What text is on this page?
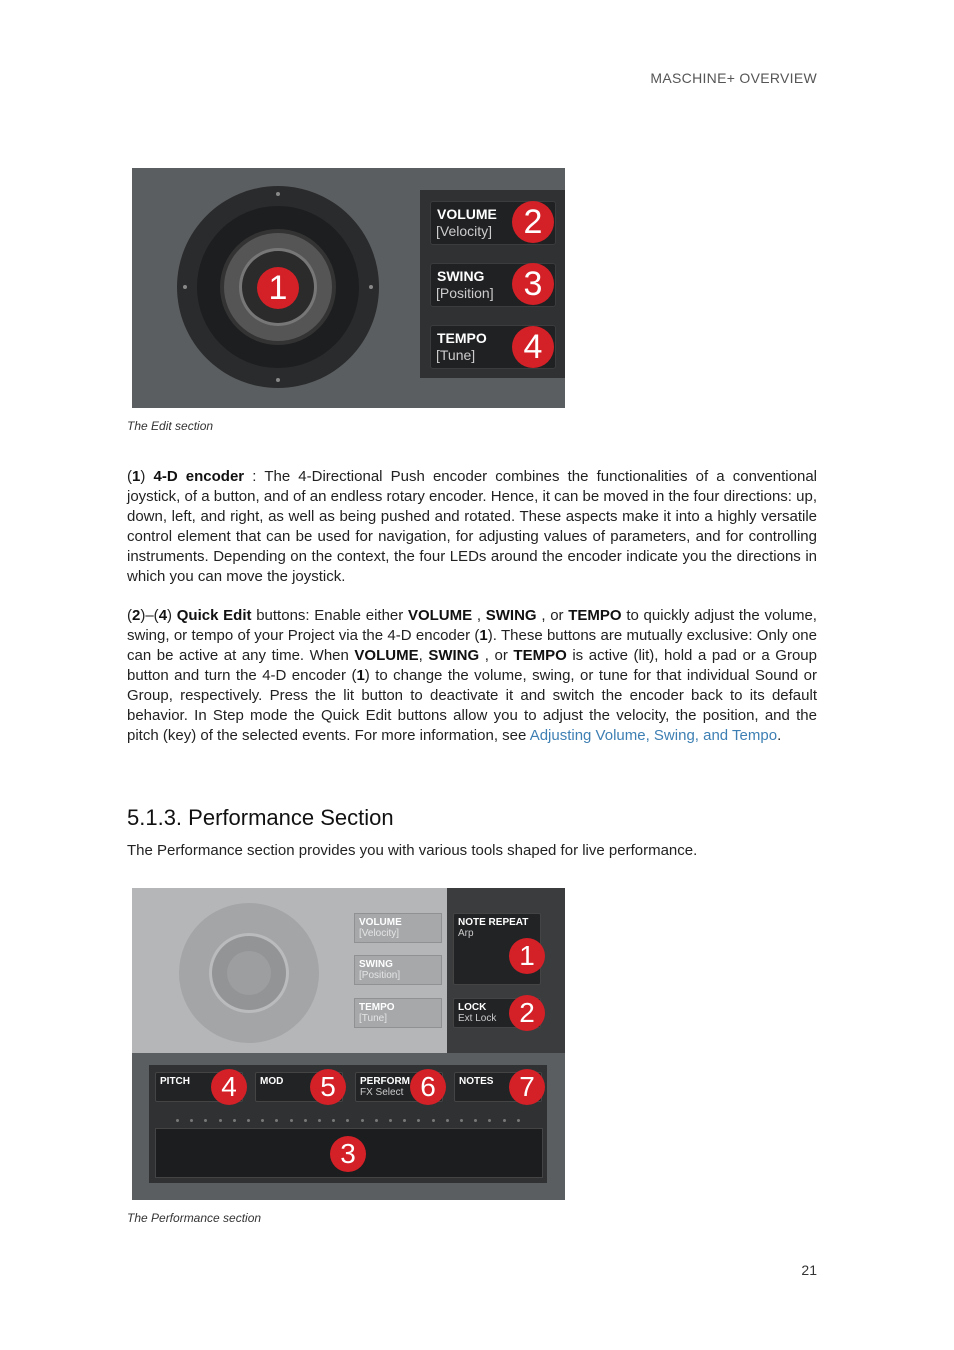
MASCHINE+ OVERVIEW
1
VOLUME
[Velocity]
SWING
[Position]
TEMPO
[Tune]
2
3
4
The Edit section
(1) 4-D encoder : The 4-Directional Push encoder combines the functionalities of a conventional joystick, of a button, and of an endless rotary encoder. Hence, it can be moved in the four directions: up, down, left, and right, as well as being pushed and rotated. These aspects make it into a highly versatile control element that can be used for navigation, for adjusting values of parameters, and for controlling instruments. Depending on the context, the four LEDs around the encoder indicate you the directions in which you can move the joystick.
(2)–(4) Quick Edit buttons: Enable either VOLUME , SWING , or TEMPO to quickly adjust the volume, swing, or tempo of your Project via the 4-D encoder (1). These buttons are mutually exclusive: Only one can be active at any time. When VOLUME, SWING , or TEMPO is active (lit), hold a pad or a Group button and turn the 4-D encoder (1) to change the volume, swing, or tune for that individual Sound or Group, respectively. Press the lit button to deactivate it and switch the encoder back to its default behavior. In Step mode the Quick Edit buttons allow you to adjust the velocity, the position, and the pitch (key) of the selected events. For more information, see Adjusting Volume, Swing, and Tempo.
5.1.3. Performance Section
The Performance section provides you with various tools shaped for live performance.
VOLUME
[Velocity]
SWING
[Position]
TEMPO
[Tune]
NOTE REPEAT
Arp
LOCK
Ext Lock
1
2
PITCH	MOD	PERFORM
FX Select
NOTES
4	5	6	7
3
The Performance section
21
